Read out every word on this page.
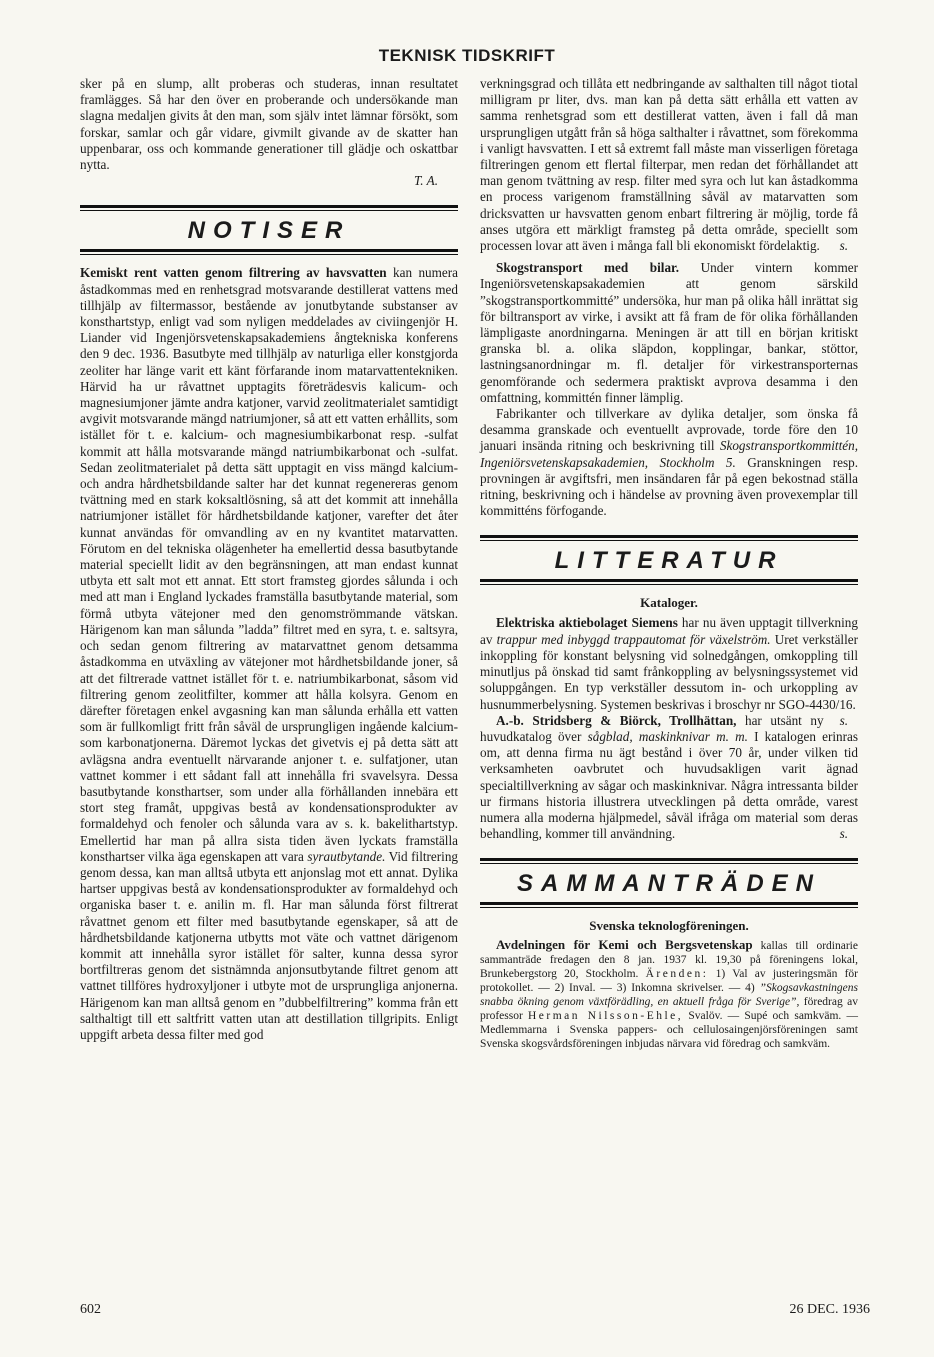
TEKNISK TIDSKRIFT

sker på en slump, allt proberas och studeras, innan resultatet framlägges. Så har den över en proberande och undersökande man slagna medaljen givits åt den man, som själv intet lämnar försökt, som forskar, samlar och går vidare, givmilt givande av de skatter han uppenbarar, oss och kommande generationer till glädje och oskattbar nytta.

T. A.

NOTISER

Kemiskt rent vatten genom filtrering av havsvatten kan numera åstadkommas med en renhetsgrad motsvarande destillerat vattens med tillhjälp av filtermassor, bestående av jonutbytande substanser av konsthartstyp, enligt vad som nyligen meddelades av civiingenjör H. Liander vid Ingenjörsvetenskapsakademiens ångtekniska konferens den 9 dec. 1936. Basutbyte med tillhjälp av naturliga eller konstgjorda zeoliter har länge varit ett känt förfarande inom matarvattentekniken. Härvid ha ur råvattnet upptagits företrädesvis kalicum- och magnesiumjoner jämte andra katjoner, varvid zeolitmaterialet samtidigt avgivit motsvarande mängd natriumjoner, så att ett vatten erhållits, som istället för t. e. kalcium- och magnesiumbikarbonat resp. -sulfat kommit att hålla motsvarande mängd natriumbikarbonat och -sulfat. Sedan zeolitmaterialet på detta sätt upptagit en viss mängd kalcium- och andra hårdhetsbildande salter har det kunnat regenereras genom tvättning med en stark koksaltlösning, så att det kommit att innehålla natriumjoner istället för hårdhetsbildande katjoner, varefter det åter kunnat användas för omvandling av en ny kvantitet matarvatten. Förutom en del tekniska olägenheter ha emellertid dessa basutbytande material speciellt lidit av den begränsningen, att man endast kunnat utbyta ett salt mot ett annat. Ett stort framsteg gjordes sålunda i och med att man i England lyckades framställa basutbytande material, som förmå utbyta vätejoner med den genomströmmande vätskan. Härigenom kan man sålunda ”ladda” filtret med en syra, t. e. saltsyra, och sedan genom filtrering av matarvattnet genom detsamma åstadkomma en utväxling av vätejoner mot hårdhetsbildande joner, så att det filtrerade vattnet istället för t. e. natriumbikarbonat, såsom vid filtrering genom zeolitfilter, kommer att hålla kolsyra. Genom en därefter företagen enkel avgasning kan man sålunda erhålla ett vatten som är fullkomligt fritt från såväl de ursprungligen ingående kalcium- som karbonatjonerna. Däremot lyckas det givetvis ej på detta sätt att avlägsna andra eventuellt närvarande anjoner t. e. sulfatjoner, utan vattnet kommer i ett sådant fall att innehålla fri svavelsyra. Dessa basutbytande konsthartser, som under alla förhållanden innebära ett stort steg framåt, uppgivas bestå av kondensationsprodukter av formaldehyd och fenoler och sålunda vara av s. k. bakelithartstyp. Emellertid har man på allra sista tiden även lyckats framställa konsthartser vilka äga egenskapen att vara syrautbytande. Vid filtrering genom dessa, kan man alltså utbyta ett anjonslag mot ett annat. Dylika hartser uppgivas bestå av kondensationsprodukter av formaldehyd och organiska baser t. e. anilin m. fl. Har man sålunda först filtrerat råvattnet genom ett filter med basutbytande egenskaper, så att de hårdhetsbildande katjonerna utbytts mot väte och vattnet därigenom kommit att innehålla syror istället för salter, kunna dessa syror bortfiltreras genom det sistnämnda anjonsutbytande filtret genom att vattnet tillföres hydroxyljoner i utbyte mot de ursprungliga anjonerna. Härigenom kan man alltså genom en ”dubbelfiltrering” komma från ett salthaltigt till ett saltfritt vatten utan att destillation tillgripits. Enligt uppgift arbeta dessa filter med god

verkningsgrad och tillåta ett nedbringande av salthalten till något tiotal milligram pr liter, dvs. man kan på detta sätt erhålla ett vatten av samma renhetsgrad som ett destillerat vatten, även i fall då man ursprungligen utgått från så höga salthalter i råvattnet, som förekomma i vanligt havsvatten. I ett så extremt fall måste man visserligen företaga filtreringen genom ett flertal filterpar, men redan det förhållandet att man genom tvättning av resp. filter med syra och lut kan åstadkomma en process varigenom framställning såväl av matarvatten som dricksvatten ur havsvatten genom enbart filtrering är möjlig, torde få anses utgöra ett märkligt framsteg på detta område, speciellt som processen lovar att även i många fall bli ekonomiskt fördelaktig. s.

Skogstransport med bilar. Under vintern kommer Ingeniörsvetenskapsakademien att genom särskild ”skogstransportkommitté” undersöka, hur man på olika håll inrättat sig för biltransport av virke, i avsikt att få fram de för olika förhållanden lämpligaste anordningarna. Meningen är att till en början kritiskt granska bl. a. olika släpdon, kopplingar, bankar, stöttor, lastningsanordningar m. fl. detaljer för virkestransporternas genomförande och sedermera praktiskt avprova desamma i den omfattning, kommittén finner lämplig.

Fabrikanter och tillverkare av dylika detaljer, som önska få desamma granskade och eventuellt avprovade, torde före den 10 januari insända ritning och beskrivning till Skogstransportkommittén, Ingeniörsvetenskapsakademien, Stockholm 5. Granskningen resp. provningen är avgiftsfri, men insändaren får på egen bekostnad ställa ritning, beskrivning och i händelse av provning även provexemplar till kommitténs förfogande.

LITTERATUR
Kataloger.

Elektriska aktiebolaget Siemens har nu även upptagit tillverkning av trappur med inbyggd trappautomat för växelström. Uret verkställer inkoppling för konstant belysning vid solnedgången, omkoppling till minutljus på önskad tid samt frånkoppling av belysningssystemet vid soluppgången. En typ verkställer dessutom in- och urkoppling av husnummerbelysning. Systemen beskrivas i broschyr nr SGO-4430/16.
s.

A.-b. Stridsberg & Biörck, Trollhättan, har utsänt ny huvudkatalog över sågblad, maskinknivar m. m. I katalogen erinras om, att denna firma nu ägt bestånd i över 70 år, under vilken tid verksamheten oavbrutet och huvudsakligen varit ägnad specialtillverkning av sågar och maskinknivar. Några intressanta bilder ur firmans historia illustrera utvecklingen på detta område, varest numera alla moderna hjälpmedel, såväl ifråga om material som deras behandling, kommer till användning.	s.

SAMMANTRÄDEN
Svenska teknologföreningen.

Avdelningen för Kemi och Bergsvetenskap kallas till ordinarie sammanträde fredagen den 8 jan. 1937 kl. 19,30 på föreningens lokal, Brunkebergstorg 20, Stockholm. Ärenden: 1) Val av justeringsmän för protokollet. — 2) Inval. — 3) Inkomna skrivelser. — 4) ”Skogsavkastningens snabba ökning genom växtförädling, en aktuell fråga för Sverige”, föredrag av professor Herman Nilsson-Ehle, Svalöv. — Supé och samkväm. — Medlemmarna i Svenska pappers- och cellulosaingenjörsföreningen samt Svenska skogsvårdsföreningen inbjudas närvara vid föredrag och samkväm.

602	26 DEC. 1936
